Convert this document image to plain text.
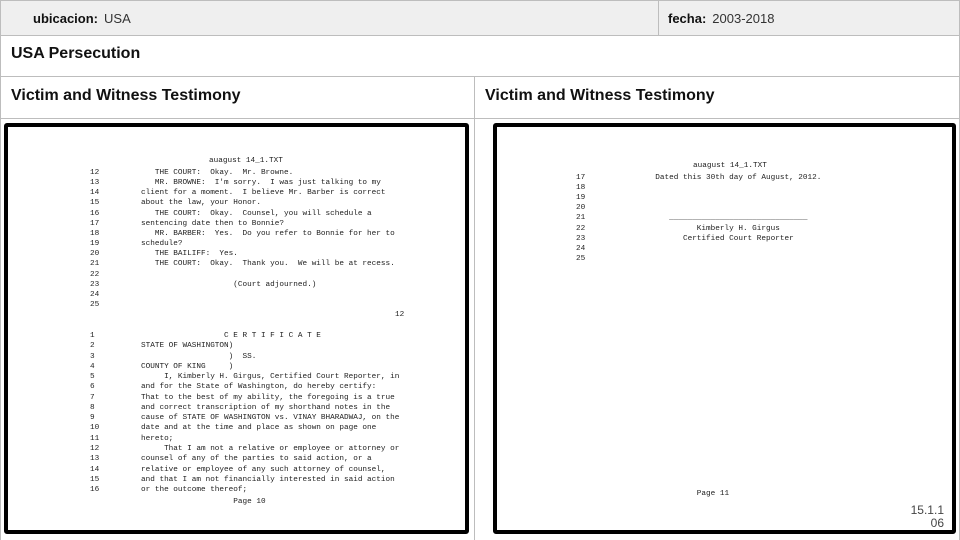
ubicacion: USA	fecha: 2003-2018
USA Persecution
Victim and Witness Testimony	Victim and Witness Testimony
auagust 14_1.TXT
12
Page 10
12	THE COURT:  Okay.  Mr. Browne.
13	MR. BROWNE:  I'm sorry.  I was just talking to my
14	client for a moment.  I believe Mr. Barber is correct
15	about the law, your Honor.
16	THE COURT:  Okay.  Counsel, you will schedule a
17	sentencing date then to Bonnie?
18	MR. BARBER:  Yes.  Do you refer to Bonnie for her to
19	schedule?
20	THE BAILIFF:  Yes.
21	THE COURT:  Okay.  Thank you.  We will be at recess.
22
23	(Court adjourned.)
24
25
1	C E R T I F I C A T E
2	STATE OF WASHINGTON)
3	)  SS.
4	COUNTY OF KING     )
5	I, Kimberly H. Girgus, Certified Court Reporter, in
6	and for the State of Washington, do hereby certify:
7	That to the best of my ability, the foregoing is a true
8	and correct transcription of my shorthand notes in the
9	cause of STATE OF WASHINGTON vs. VINAY BHARADWAJ, on the
10	date and at the time and place as shown on page one
11	hereto;
12	That I am not a relative or employee or attorney or
13	counsel of any of the parties to said action, or a
14	relative or employee of any such attorney of counsel,
15	and that I am not financially interested in said action
16	or the outcome thereof;
auagust 14_1.TXT
Page 11
17	Dated this 30th day of August, 2012.
18
19
20
21	______________________________
22	Kimberly H. Girgus
23	Certified Court Reporter
24
25
15.1.1
06
